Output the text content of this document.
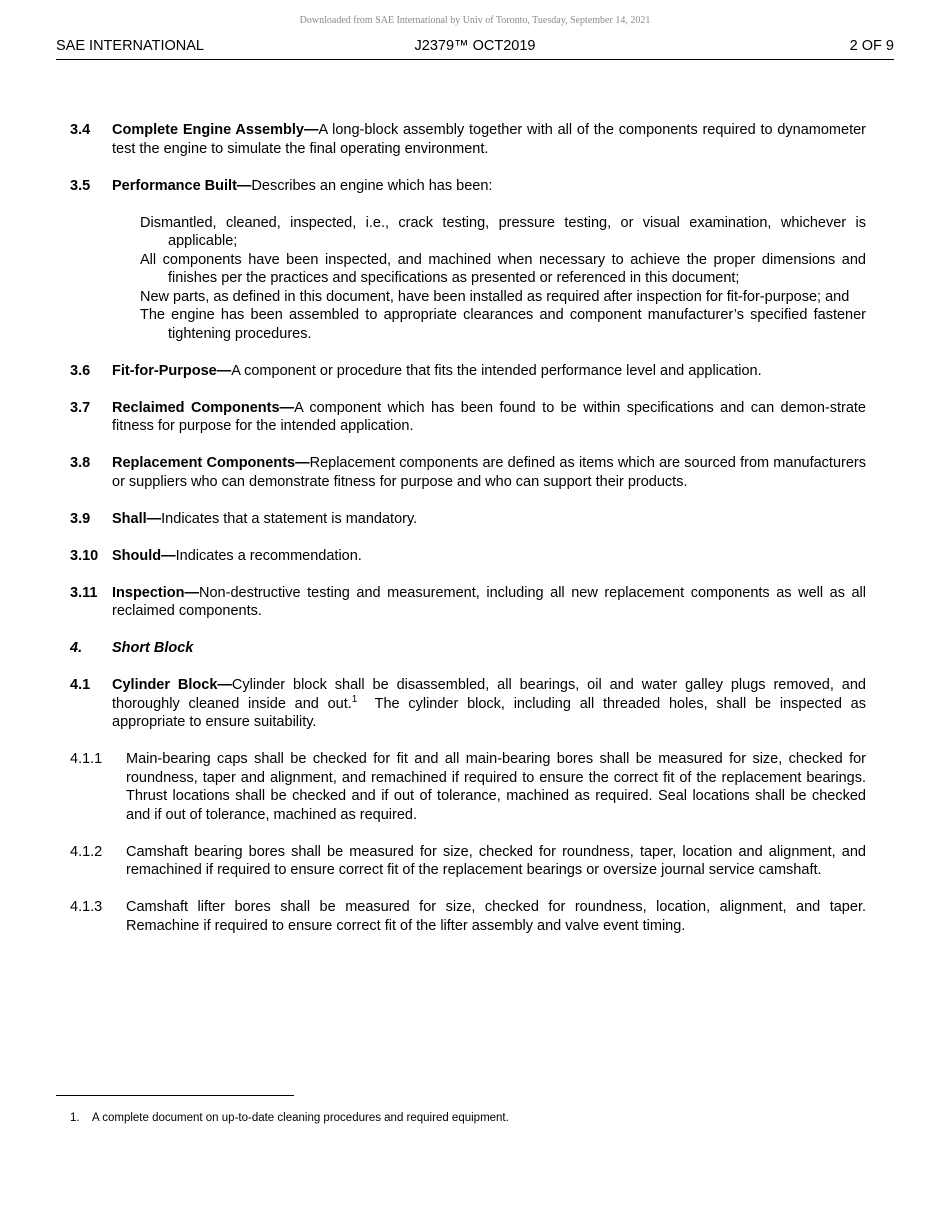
Downloaded from SAE International by Univ of Toronto, Tuesday, September 14, 2021
SAE INTERNATIONAL	J2379™ OCT2019	2 OF 9
3.4	Complete Engine Assembly—A long-block assembly together with all of the components required to dynamometer test the engine to simulate the final operating environment.
3.5	Performance Built—Describes an engine which has been:
Dismantled, cleaned, inspected, i.e., crack testing, pressure testing, or visual examination, whichever is applicable;
All components have been inspected, and machined when necessary to achieve the proper dimensions and finishes per the practices and specifications as presented or referenced in this document;
New parts, as defined in this document, have been installed as required after inspection for fit-for-purpose; and
The engine has been assembled to appropriate clearances and component manufacturer’s specified fastener tightening procedures.
3.6	Fit-for-Purpose—A component or procedure that fits the intended performance level and application.
3.7	Reclaimed Components—A component which has been found to be within specifications and can demon-strate fitness for purpose for the intended application.
3.8	Replacement Components—Replacement components are defined as items which are sourced from manufacturers or suppliers who can demonstrate fitness for purpose and who can support their products.
3.9	Shall—Indicates that a statement is mandatory.
3.10 Should—Indicates a recommendation.
3.11	Inspection—Non-destructive testing and measurement, including all new replacement components as well as all reclaimed components.
4.	Short Block
4.1	Cylinder Block—Cylinder block shall be disassembled, all bearings, oil and water galley plugs removed, and thoroughly cleaned inside and out.$^1$  The cylinder block, including all threaded holes, shall be inspected as appropriate to ensure suitability.
4.1.1	Main-bearing caps shall be checked for fit and all main-bearing bores shall be measured for size, checked for roundness, taper and alignment, and remachined if required to ensure the correct fit of the replacement bearings. Thrust locations shall be checked and if out of tolerance, machined as required. Seal locations shall be checked and if out of tolerance, machined as required.
4.1.2	Camshaft bearing bores shall be measured for size, checked for roundness, taper, location and alignment, and remachined if required to ensure correct fit of the replacement bearings or oversize journal service camshaft.
4.1.3	Camshaft lifter bores shall be measured for size, checked for roundness, location, alignment, and taper. Remachine if required to ensure correct fit of the lifter assembly and valve event timing.
1. A complete document on up-to-date cleaning procedures and required equipment.
